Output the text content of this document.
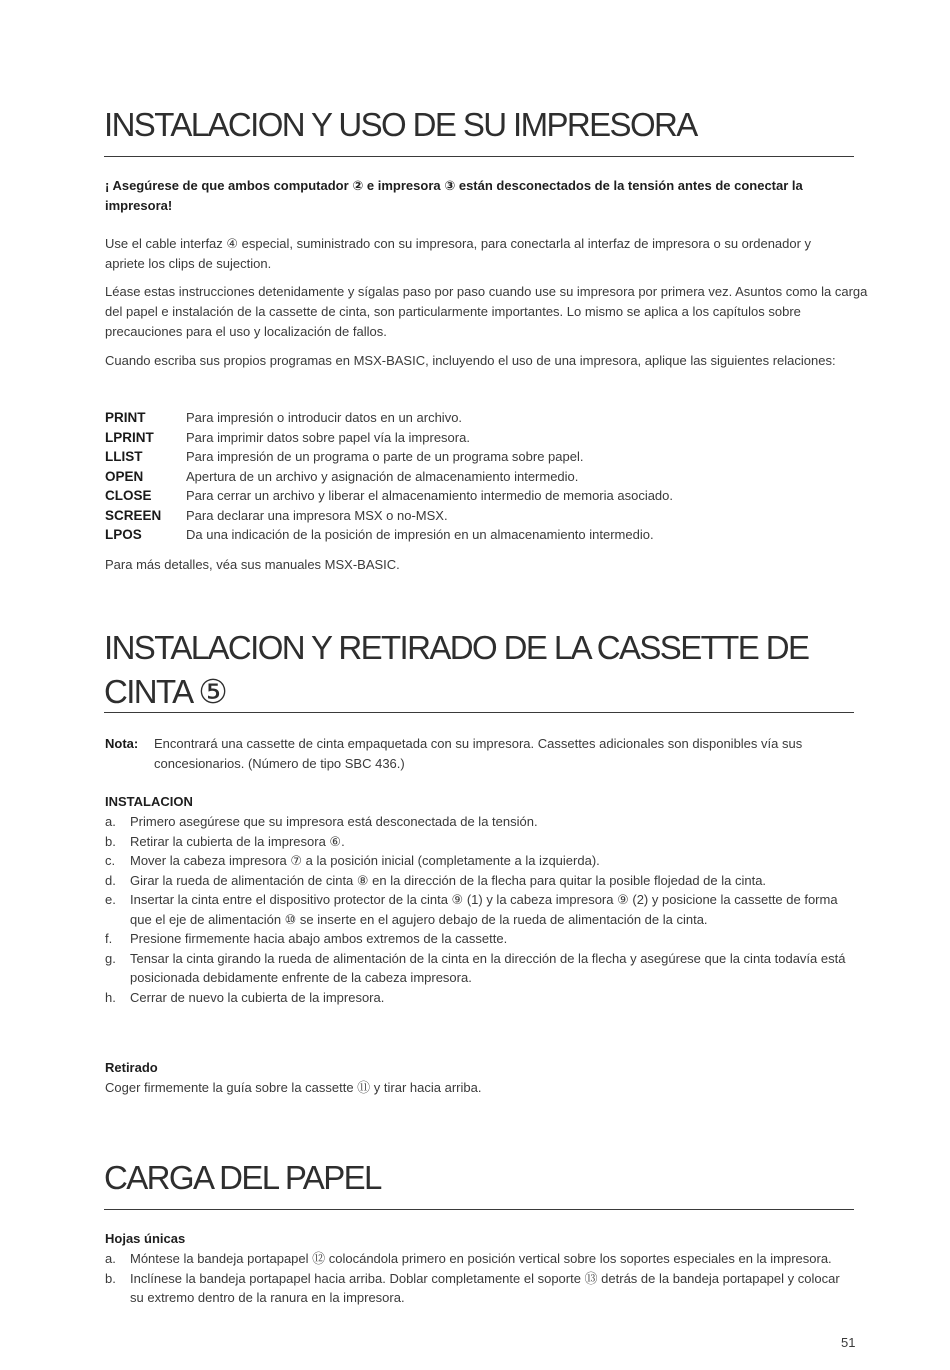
INSTALACION Y USO DE SU IMPRESORA

¡ Asegúrese de que ambos computador ② e impresora ③ están desconectados de la tensión antes de conectar la impresora!

Use el cable interfaz ④ especial, suministrado con su impresora, para conectarla al interfaz de impresora o su ordenador y apriete los clips de sujection.

Léase estas instrucciones detenidamente y sígalas paso por paso cuando use su impresora por primera vez. Asuntos como la carga del papel e instalación de la cassette de cinta, son particularmente importantes. Lo mismo se aplica a los capítulos sobre precauciones para el uso y localización de fallos.

Cuando escriba sus propios programas en MSX-BASIC, incluyendo el uso de una impresora, aplique las siguientes relaciones:

PRINT	Para impresión o introducir datos en un archivo.
LPRINT	Para imprimir datos sobre papel vía la impresora.
LLIST	Para impresión de un programa o parte de un programa sobre papel.
OPEN	Apertura de un archivo y asignación de almacenamiento intermedio.
CLOSE	Para cerrar un archivo y liberar el almacenamiento intermedio de memoria asociado.
SCREEN	Para declarar una impresora MSX o no-MSX.
LPOS	Da una indicación de la posición de impresión en un almacenamiento intermedio.

Para más detalles, véa sus manuales MSX-BASIC.

INSTALACION Y RETIRADO DE LA CASSETTE DE
CINTA ⑤
Nota:	Encontrará una cassette de cinta empaquetada con su impresora. Cassettes adicionales son disponibles vía sus concesionarios. (Número de tipo SBC 436.)

INSTALACION

a.	Primero asegúrese que su impresora está desconectada de la tensión.
b.	Retirar la cubierta de la impresora ⑥.
c.	Mover la cabeza impresora ⑦ a la posición inicial (completamente a la izquierda).
d.	Girar la rueda de alimentación de cinta ⑧ en la dirección de la flecha para quitar la posible flojedad de la cinta.
e.	Insertar la cinta entre el dispositivo protector de la cinta ⑨ (1) y la cabeza impresora ⑨ (2) y posicione la cassette de forma que el eje de alimentación ⑩ se inserte en el agujero debajo de la rueda de alimentación de la cinta.
f.	Presione firmemente hacia abajo ambos extremos de la cassette.
g.	Tensar la cinta girando la rueda de alimentación de la cinta en la dirección de la flecha y asegúrese que la cinta todavía está posicionada debidamente enfrente de la cabeza impresora.
h.	Cerrar de nuevo la cubierta de la impresora.

Retirado

Coger firmemente la guía sobre la cassette ⑪ y tirar hacia arriba.

CARGA DEL PAPEL

Hojas únicas

a.	Móntese la bandeja portapapel ⑫ colocándola primero en posición vertical sobre los soportes especiales en la impresora.
b.	Inclínese la bandeja portapapel hacia arriba. Doblar completamente el soporte ⑬ detrás de la bandeja portapapel y colocar su extremo dentro de la ranura en la impresora.
51
